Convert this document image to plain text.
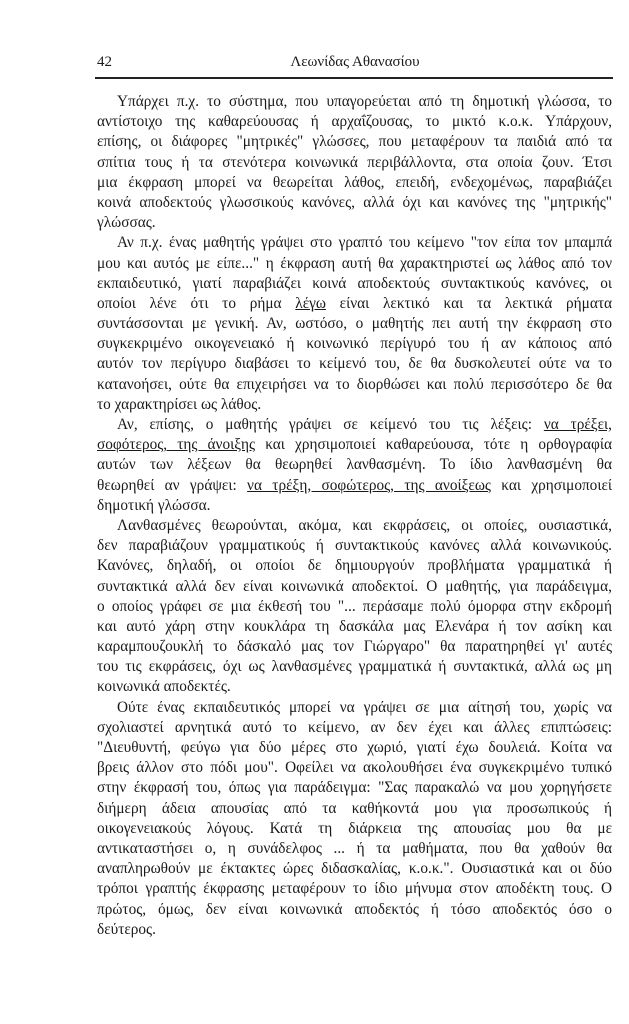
42	Λεωνίδας Αθανασίου
Υπάρχει π.χ. το σύστημα, που υπαγορεύεται από τη δημοτική γλώσσα, το
αντίστοιχο της καθαρεύουσας ή αρχαΐζουσας, το μικτό κ.ο.κ. Υπάρχουν,
επίσης, οι διάφορες "μητρικές" γλώσσες, που μεταφέρουν τα παιδιά από τα
σπίτια τους ή τα στενότερα κοινωνικά περιβάλλοντα, στα οποία ζουν. Έτσι
μια έκφραση μπορεί να θεωρείται λάθος, επειδή, ενδεχομένως, παραβιάζει
κοινά αποδεκτούς γλωσσικούς κανόνες, αλλά όχι και κανόνες της "μητρικής"
γλώσσας.
Αν π.χ. ένας μαθητής γράψει στο γραπτό του κείμενο "τον είπα τον μπαμπά
μου και αυτός με είπε..." η έκφραση αυτή θα χαρακτηριστεί ως λάθος από τον
εκπαιδευτικό, γιατί παραβιάζει κοινά αποδεκτούς συντακτικούς κανόνες, οι
οποίοι λένε ότι το ρήμα λέγω είναι λεκτικό και τα λεκτικά ρήματα
συντάσσονται με γενική. Αν, ωστόσο, ο μαθητής πει αυτή την έκφραση στο
συγκεκριμένο οικογενειακό ή κοινωνικό περίγυρό του ή αν κάποιος από
αυτόν τον περίγυρο διαβάσει το κείμενό του, δε θα δυσκολευτεί ούτε να το
κατανοήσει, ούτε θα επιχειρήσει να το διορθώσει και πολύ περισσότερο δε θα
το χαρακτηρίσει ως λάθος.
Αν, επίσης, ο μαθητής γράψει σε κείμενό του τις λέξεις: να τρέξει,
σοφότερος, της άνοιξης και χρησιμοποιεί καθαρεύουσα, τότε η ορθογραφία
αυτών των λέξεων θα θεωρηθεί λανθασμένη. Το ίδιο λανθασμένη θα
θεωρηθεί αν γράψει: να τρέξη, σοφώτερος, της ανοίξεως και χρησιμοποιεί
δημοτική γλώσσα.
Λανθασμένες θεωρούνται, ακόμα, και εκφράσεις, οι οποίες, ουσιαστικά,
δεν παραβιάζουν γραμματικούς ή συντακτικούς κανόνες αλλά κοινωνικούς.
Κανόνες, δηλαδή, οι οποίοι δε δημιουργούν προβλήματα γραμματικά ή
συντακτικά αλλά δεν είναι κοινωνικά αποδεκτοί. Ο μαθητής, για παράδειγμα,
ο οποίος γράφει σε μια έκθεσή του "... περάσαμε πολύ όμορφα στην εκδρομή
και αυτό χάρη στην κουκλάρα τη δασκάλα μας Ελενάρα ή τον ασίκη και
καραμπουζουκλή το δάσκαλό μας τον Γιώργαρο" θα παρατηρηθεί γι' αυτές
του τις εκφράσεις, όχι ως λανθασμένες γραμματικά ή συντακτικά, αλλά ως μη
κοινωνικά αποδεκτές.
Ούτε ένας εκπαιδευτικός μπορεί να γράψει σε μια αίτησή του, χωρίς να
σχολιαστεί αρνητικά αυτό το κείμενο, αν δεν έχει και άλλες επιπτώσεις:
"Διευθυντή, φεύγω για δύο μέρες στο χωριό, γιατί έχω δουλειά. Κοίτα να
βρεις άλλον στο πόδι μου". Οφείλει να ακολουθήσει ένα συγκεκριμένο τυπικό
στην έκφρασή του, όπως για παράδειγμα: "Σας παρακαλώ να μου χορηγήσετε
διήμερη άδεια απουσίας από τα καθήκοντά μου για προσωπικούς ή
οικογενειακούς λόγους. Κατά τη διάρκεια της απουσίας μου θα με
αντικαταστήσει ο, η συνάδελφος ... ή τα μαθήματα, που θα χαθούν θα
αναπληρωθούν με έκτακτες ώρες διδασκαλίας, κ.ο.κ.". Ουσιαστικά και οι δύο
τρόποι γραπτής έκφρασης μεταφέρουν το ίδιο μήνυμα στον αποδέκτη τους. Ο
πρώτος, όμως, δεν είναι κοινωνικά αποδεκτός ή τόσο αποδεκτός όσο ο
δεύτερος.
